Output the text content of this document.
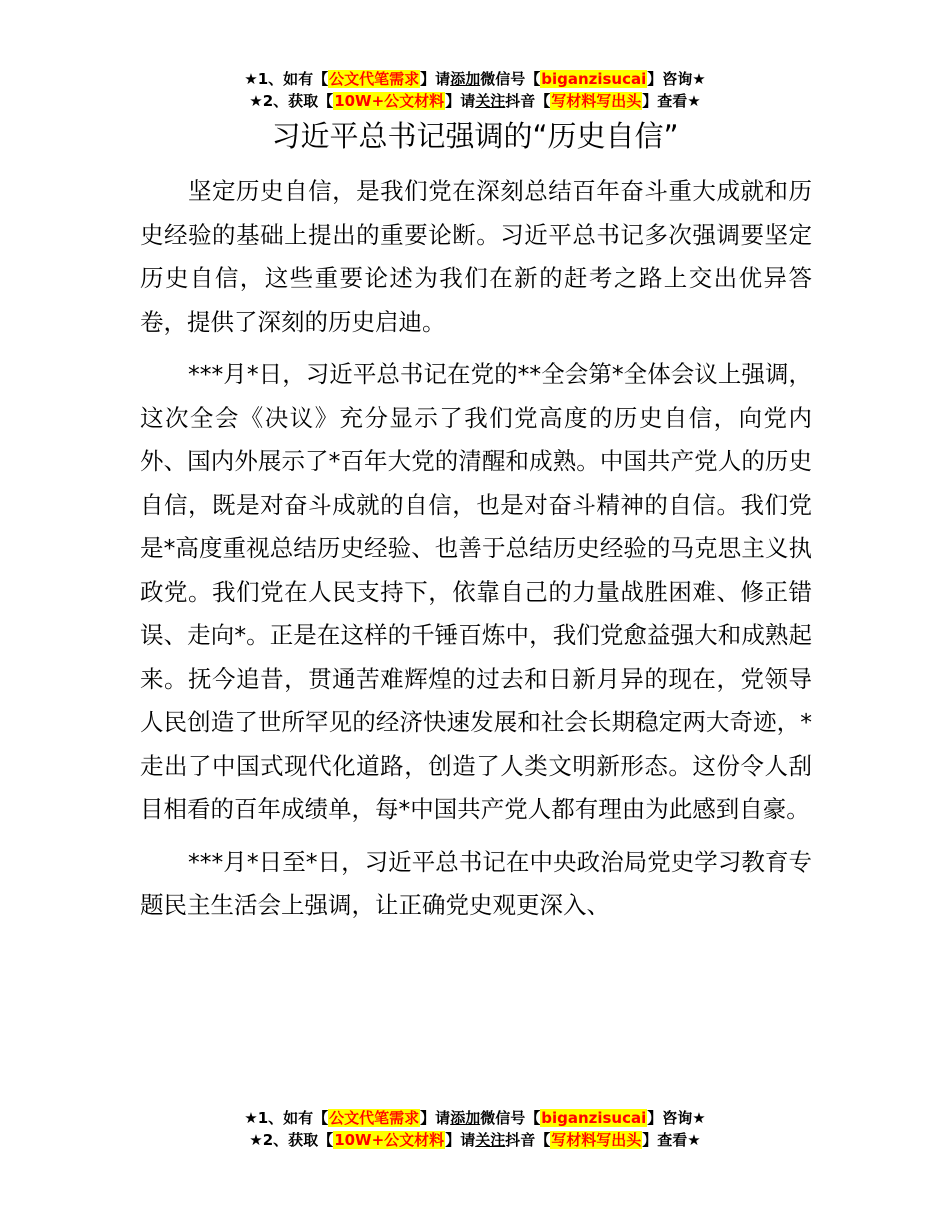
★1、如有【公文代笔需求】请添加微信号【biganzisucai】咨询★
★2、获取【10W+公文材料】请关注抖音【写材料写出头】查看★
习近平总书记强调的“历史自信”

坚定历史自信，是我们党在深刻总结百年奋斗重大成就和历史经验的基础上提出的重要论断。习近平总书记多次强调要坚定历史自信，这些重要论述为我们在新的赶考之路上交出优异答卷，提供了深刻的历史启迪。

***月*日，习近平总书记在党的**全会第*全体会议上强调，这次全会《决议》充分显示了我们党高度的历史自信，向党内外、国内外展示了*百年大党的清醒和成熟。中国共产党人的历史自信，既是对奋斗成就的自信，也是对奋斗精神的自信。我们党是*高度重视总结历史经验、也善于总结历史经验的马克思主义执政党。我们党在人民支持下，依靠自己的力量战胜困难、修正错误、走向*。正是在这样的千锤百炼中，我们党愈益强大和成熟起来。抚今追昔，贯通苦难辉煌的过去和日新月异的现在，党领导人民创造了世所罕见的经济快速发展和社会长期稳定两大奇迹，*走出了中国式现代化道路，创造了人类文明新形态。这份令人刮目相看的百年成绩单，每*中国共产党人都有理由为此感到自豪。

***月*日至*日，习近平总书记在中央政治局党史学习教育专题民主生活会上强调，让正确党史观更深入、

★1、如有【公文代笔需求】请添加微信号【biganzisucai】咨询★
★2、获取【10W+公文材料】请关注抖音【写材料写出头】查看★
